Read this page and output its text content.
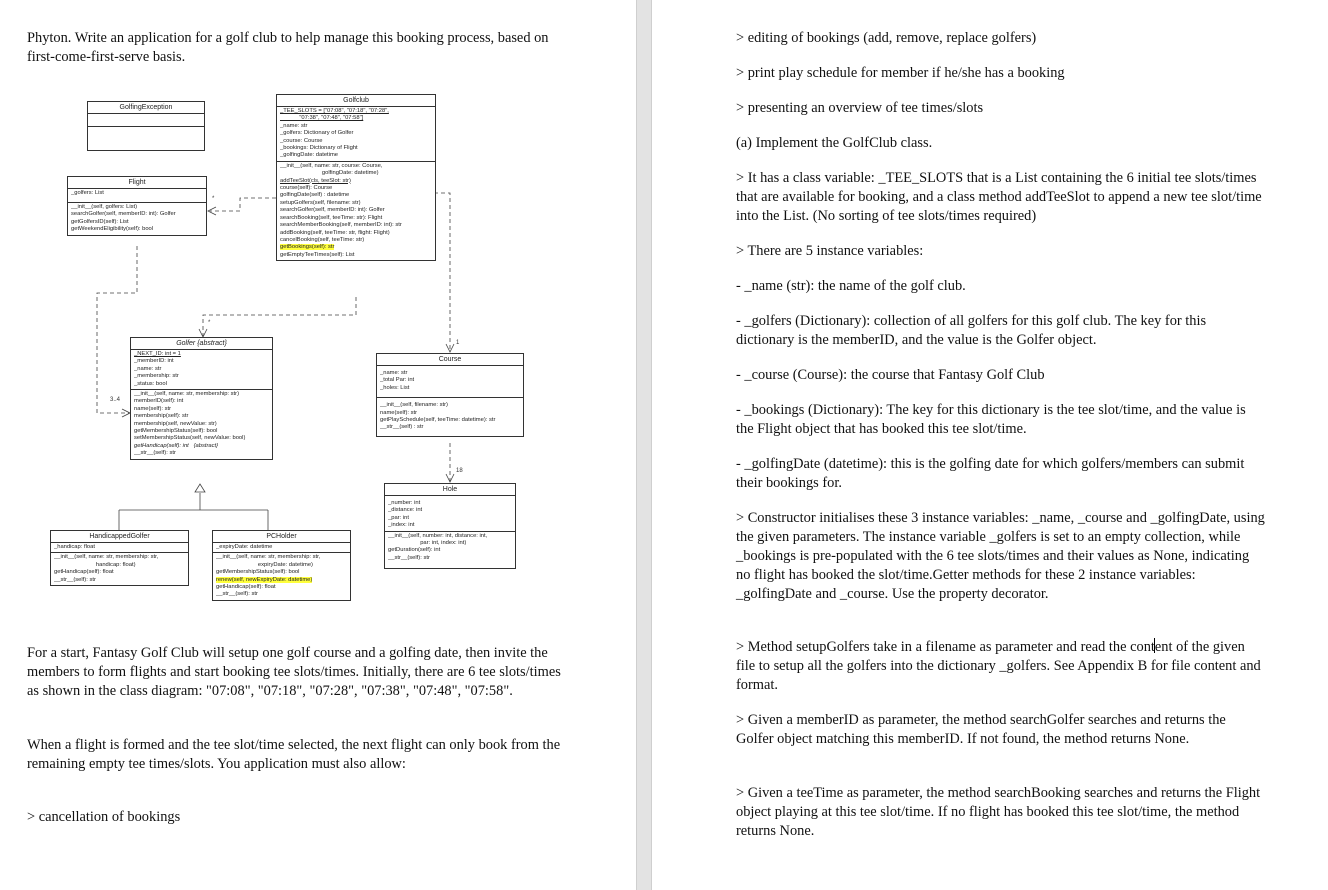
Phyton. Write an application for a golf club to help manage this booking process, based on first-come-first-serve basis.

*
*
1
18
3..4
GolfingException
Golfclub
_TEE_SLOTS = ["07:08", "07:18", "07:28",
"07:38", "07:48", "07:58"]
_name: str
_golfers: Dictionary of Golfer
_course: Course
_bookings: Dictionary of Flight
_golfingDate: datetime
__init__(self, name: str, course: Course,
golfingDate: datetime)
addTeeSlot(cls, teeSlot: str)
course(self): Course
golfingDate(self) : datetime
setupGolfers(self, filename: str)
searchGolfer(self, memberID: int): Golfer
searchBooking(self, teeTime: str): Flight
searchMemberBooking(self, memberID: int): str
addBooking(self, teeTime: str, flight: Flight)
cancelBooking(self, teeTime: str)
getBookings(self): str
getEmptyTeeTimes(self): List
Flight
_golfers: List
__init__(self, golfers: List)
searchGolfer(self, memberID: int): Golfer
getGolfersID(self): List
getWeekendEligibility(self): bool
Golfer {abstract}
_NEXT_ID: int = 1
_memberID: int
_name: str
_membership: str
_status: bool
__init__(self, name: str, membership: str)
memberID(self): int
name(self): str
membership(self): str
membership(self, newValue: str)
getMembershipStatus(self): bool
setMembershipStatus(self, newValue: bool)
getHandicap(self): int   {abstract}
__str__(self): str
Course
_name: str
_total Par: int
_holes: List
__init__(self, filename: str)
name(self): str
getPlaySchedule(self, teeTime: datetime): str
__str__(self) : str
Hole
_number: int
_distance: int
_par: int
_index: int
__init__(self, number: int, distance: int,
par: int, index: int)
getDuration(self): int
__str__(self): str
HandicappedGolfer
_handicap: float
__init__(self, name: str, membership: str,
handicap: float)
getHandicap(self): float
__str__(self): str
PCHolder
_expiryDate: datetime
__init__(self, name: str, membership: str,
expiryDate: datetime)
getMembershipStatus(self): bool
renew(self, newExpiryDate: datetime)
getHandicap(self): float
__str__(self): str

For a start, Fantasy Golf Club will setup one golf course and a golfing date, then invite the members to form flights and start booking tee slots/times. Initially, there are 6 tee slots/times as shown in the class diagram: "07:08", "07:18", "07:28", "07:38", "07:48", "07:58".

When a flight is formed and the tee slot/time selected, the next flight can only book from the remaining empty tee times/slots. You application must also allow:

> cancellation of bookings

> editing of bookings (add, remove, replace golfers)

> print play schedule for member if he/she has a booking

> presenting an overview of tee times/slots

(a) Implement the GolfClub class.

> It has a class variable: _TEE_SLOTS that is a List containing the 6 initial tee slots/times that are available for booking, and a class method addTeeSlot to append a new tee slot/time into the List. (No sorting of tee slots/times required)

> There are 5 instance variables:

- _name (str): the name of the golf club.

- _golfers (Dictionary): collection of all golfers for this golf club. The key for this dictionary is the memberID, and the value is the Golfer object.

- _course (Course): the course that Fantasy Golf Club

- _bookings (Dictionary): The key for this dictionary is the tee slot/time, and the value is the Flight object that has booked this tee slot/time.

- _golfingDate (datetime): this is the golfing date for which golfers/members can submit their bookings for.

> Constructor initialises these 3 instance variables: _name, _course and _golfingDate, using the given parameters. The instance variable _golfers is set to an empty collection, while _bookings is pre-populated with the 6 tee slots/times and their values as None, indicating no flight has booked the slot/time.Getter methods for these 2 instance variables: _golfingDate and _course. Use the property decorator.

> Method setupGolfers take in a filename as parameter and read the content of the given file to setup all the golfers into the dictionary _golfers. See Appendix B for file content and format.

> Given a memberID as parameter, the method searchGolfer searches and returns the Golfer object matching this memberID. If not found, the method returns None.

> Given a teeTime as parameter, the method searchBooking searches and returns the Flight object playing at this tee slot/time. If no flight has booked this tee slot/time, the method returns None.
